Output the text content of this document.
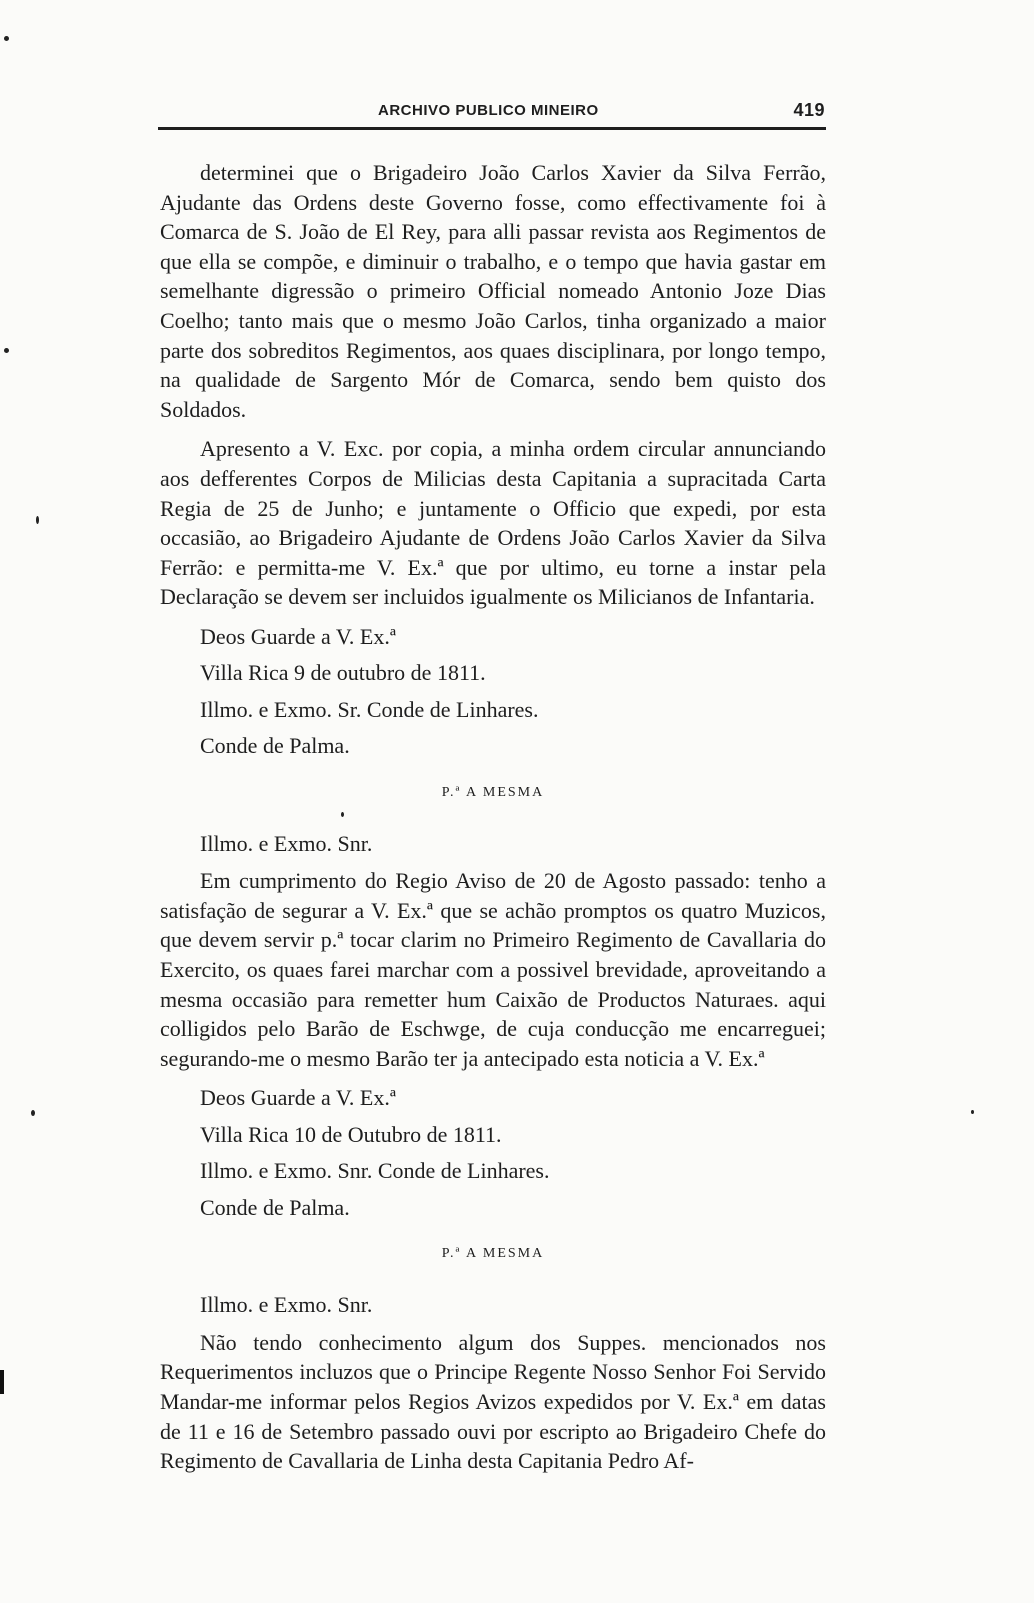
ARCHIVO PUBLICO MINEIRO	419

determinei que o Brigadeiro João Carlos Xavier da Silva Ferrão, Ajudante das Ordens deste Governo fosse, como effectivamente foi à Comarca de S. João de El Rey, para alli passar revista aos Regimentos de que ella se compõe, e diminuir o trabalho, e o tempo que havia gastar em semelhante digressão o primeiro Official nomeado Antonio Joze Dias Coelho; tanto mais que o mesmo João Carlos, tinha organizado a maior parte dos sobreditos Regimentos, aos quaes disciplinara, por longo tempo, na qualidade de Sargento Mór de Comarca, sendo bem quisto dos Soldados.

Apresento a V. Exc. por copia, a minha ordem circular annunciando aos defferentes Corpos de Milicias desta Capitania a supracitada Carta Regia de 25 de Junho; e juntamente o Officio que expedi, por esta occasião, ao Brigadeiro Ajudante de Ordens João Carlos Xavier da Silva Ferrão: e permitta-me V. Ex.ª que por ultimo, eu torne a instar pela Declaração se devem ser incluidos igualmente os Milicianos de Infantaria.

Deos Guarde a V. Ex.ª

Villa Rica 9 de outubro de 1811.

Illmo. e Exmo. Sr. Conde de Linhares.

Conde de Palma.

P.ª A MESMA

Illmo. e Exmo. Snr.

Em cumprimento do Regio Aviso de 20 de Agosto passado: tenho a satisfação de segurar a V. Ex.ª que se achão promptos os quatro Muzicos, que devem servir p.ª tocar clarim no Primeiro Regimento de Cavallaria do Exercito, os quaes farei marchar com a possivel brevidade, aproveitando a mesma occasião para remetter hum Caixão de Productos Naturaes. aqui colligidos pelo Barão de Eschwge, de cuja conducção me encarreguei; segurando-me o mesmo Barão ter ja antecipado esta noticia a V. Ex.ª

Deos Guarde a V. Ex.ª

Villa Rica 10 de Outubro de 1811.

Illmo. e Exmo. Snr. Conde de Linhares.

Conde de Palma.

P.ª A MESMA

Illmo. e Exmo. Snr.

Não tendo conhecimento algum dos Suppes. mencionados nos Requerimentos incluzos que o Principe Regente Nosso Senhor Foi Servido Mandar-me informar pelos Regios Avizos expedidos por V. Ex.ª em datas de 11 e 16 de Setembro passado ouvi por escripto ao Brigadeiro Chefe do Regimento de Cavallaria de Linha desta Capitania Pedro Af-
